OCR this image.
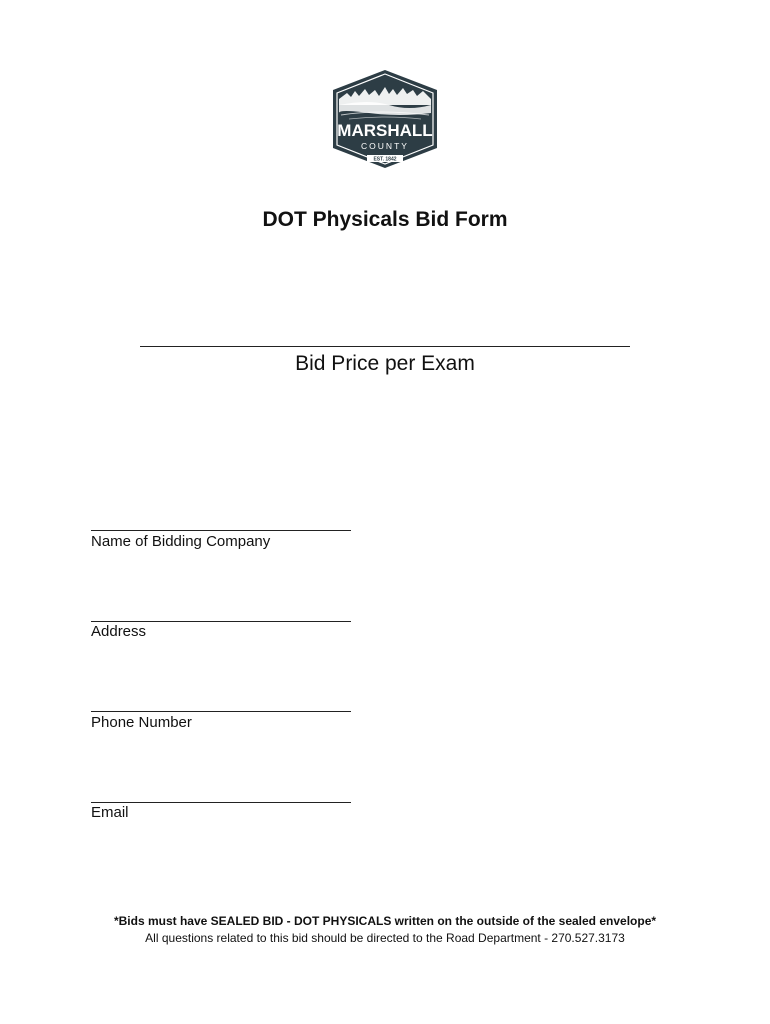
MARSHALL
COUNTY
EST. 1842
DOT Physicals Bid Form
Bid Price per Exam
Name of Bidding Company
Address
Phone Number
Email
*Bids must have SEALED BID - DOT PHYSICALS written on the outside of the sealed envelope*
All questions related to this bid should be directed to the Road Department - 270.527.3173
